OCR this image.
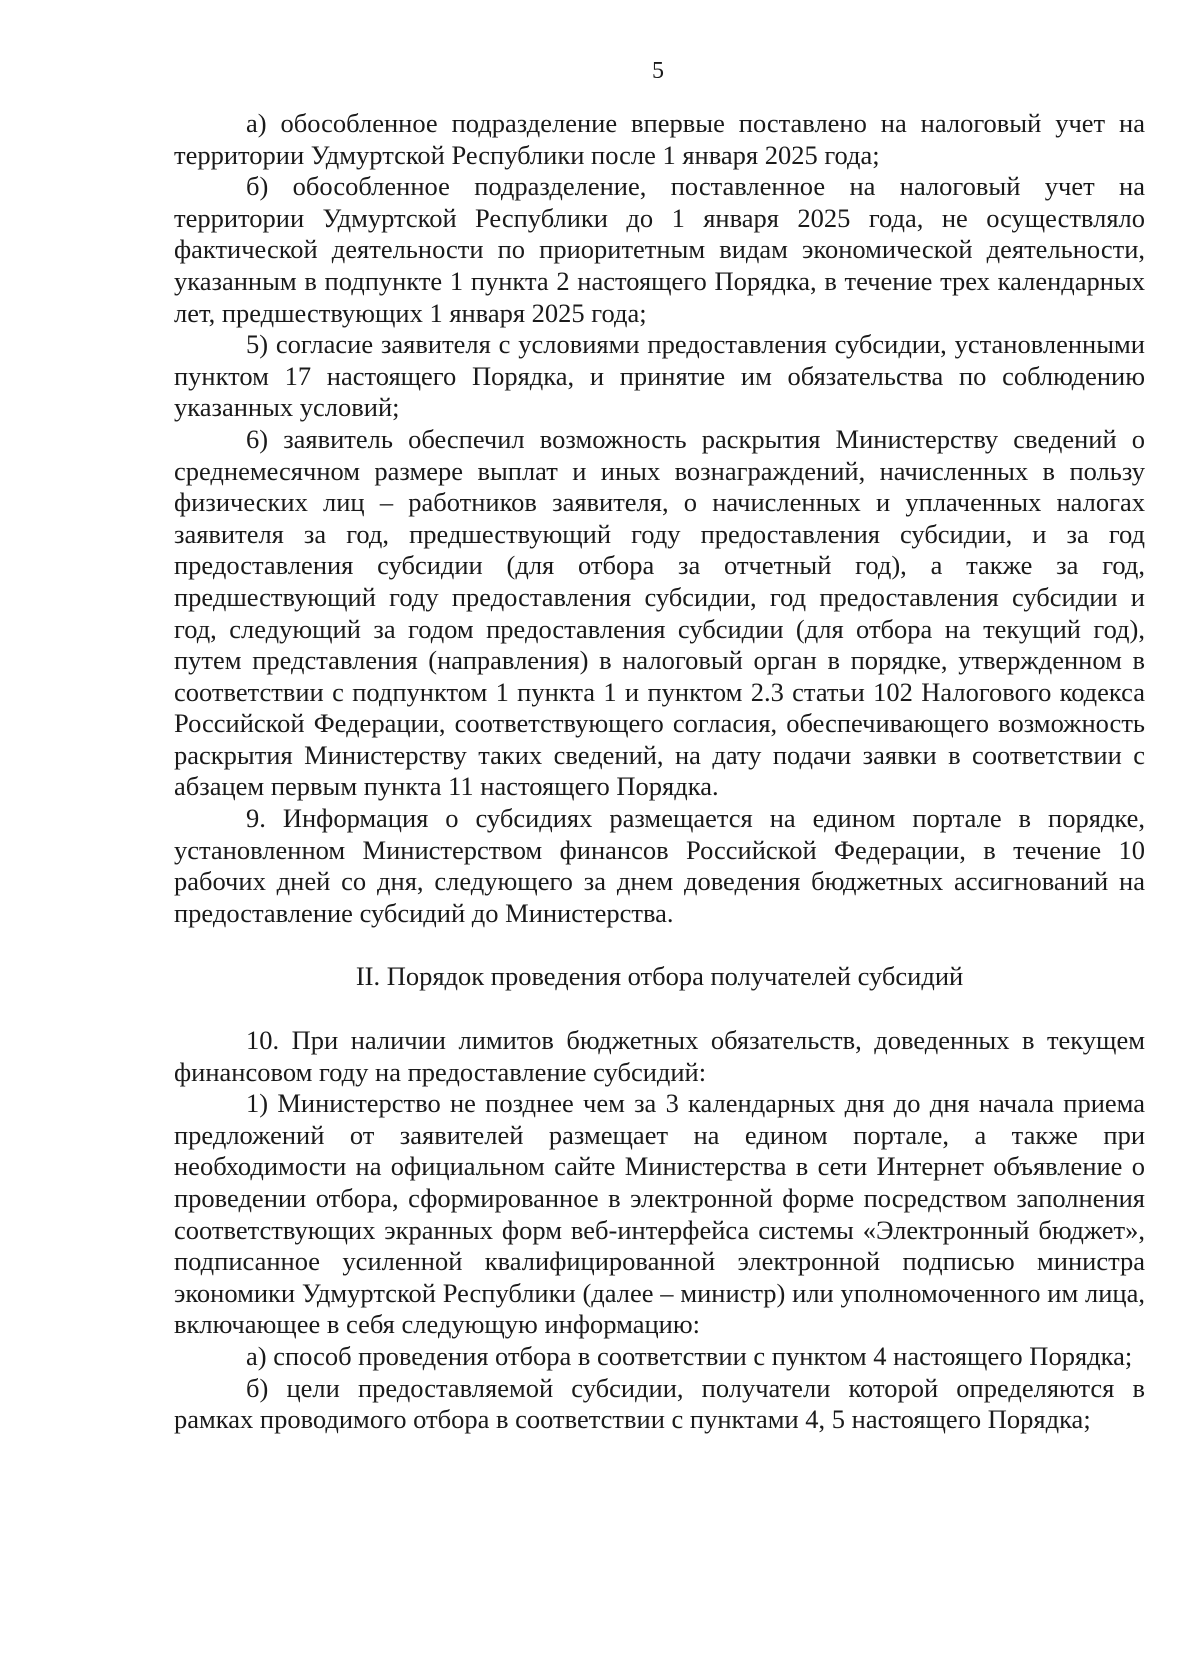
5

а) обособленное подразделение впервые поставлено на налоговый учет на территории Удмуртской Республики после 1 января 2025 года;

б) обособленное подразделение, поставленное на налоговый учет на территории Удмуртской Республики до 1 января 2025 года, не осуществляло фактической деятельности по приоритетным видам экономической деятельности, указанным в подпункте 1 пункта 2 настоящего Порядка, в течение трех календарных лет, предшествующих 1 января 2025 года;

5) согласие заявителя с условиями предоставления субсидии, установленными пунктом 17 настоящего Порядка, и принятие им обязательства по соблюдению указанных условий;

6) заявитель обеспечил возможность раскрытия Министерству сведений о среднемесячном размере выплат и иных вознаграждений, начисленных в пользу физических лиц – работников заявителя, о начисленных и уплаченных налогах заявителя за год, предшествующий году предоставления субсидии, и за год предоставления субсидии (для отбора за отчетный год), а также за год, предшествующий году предоставления субсидии, год предоставления субсидии и год, следующий за годом предоставления субсидии (для отбора на текущий год), путем представления (направления) в налоговый орган в порядке, утвержденном в соответствии с подпунктом 1 пункта 1 и пунктом 2.3 статьи 102 Налогового кодекса Российской Федерации, соответствующего согласия, обеспечивающего возможность раскрытия Министерству таких сведений, на дату подачи заявки в соответствии с абзацем первым пункта 11 настоящего Порядка.

9. Информация о субсидиях размещается на едином портале в порядке, установленном Министерством финансов Российской Федерации, в течение 10 рабочих дней со дня, следующего за днем доведения бюджетных ассигнований на предоставление субсидий до Министерства.

II. Порядок проведения отбора получателей субсидий

10. При наличии лимитов бюджетных обязательств, доведенных в текущем финансовом году на предоставление субсидий:

1) Министерство не позднее чем за 3 календарных дня до дня начала приема предложений от заявителей размещает на едином портале, а также при необходимости на официальном сайте Министерства в сети Интернет объявление о проведении отбора, сформированное в электронной форме посредством заполнения соответствующих экранных форм веб-интерфейса системы «Электронный бюджет», подписанное усиленной квалифицированной электронной подписью министра экономики Удмуртской Республики (далее – министр) или уполномоченного им лица, включающее в себя следующую информацию:

а) способ проведения отбора в соответствии с пунктом 4 настоящего Порядка;

б) цели предоставляемой субсидии, получатели которой определяются в рамках проводимого отбора в соответствии с пунктами 4, 5 настоящего Порядка;
